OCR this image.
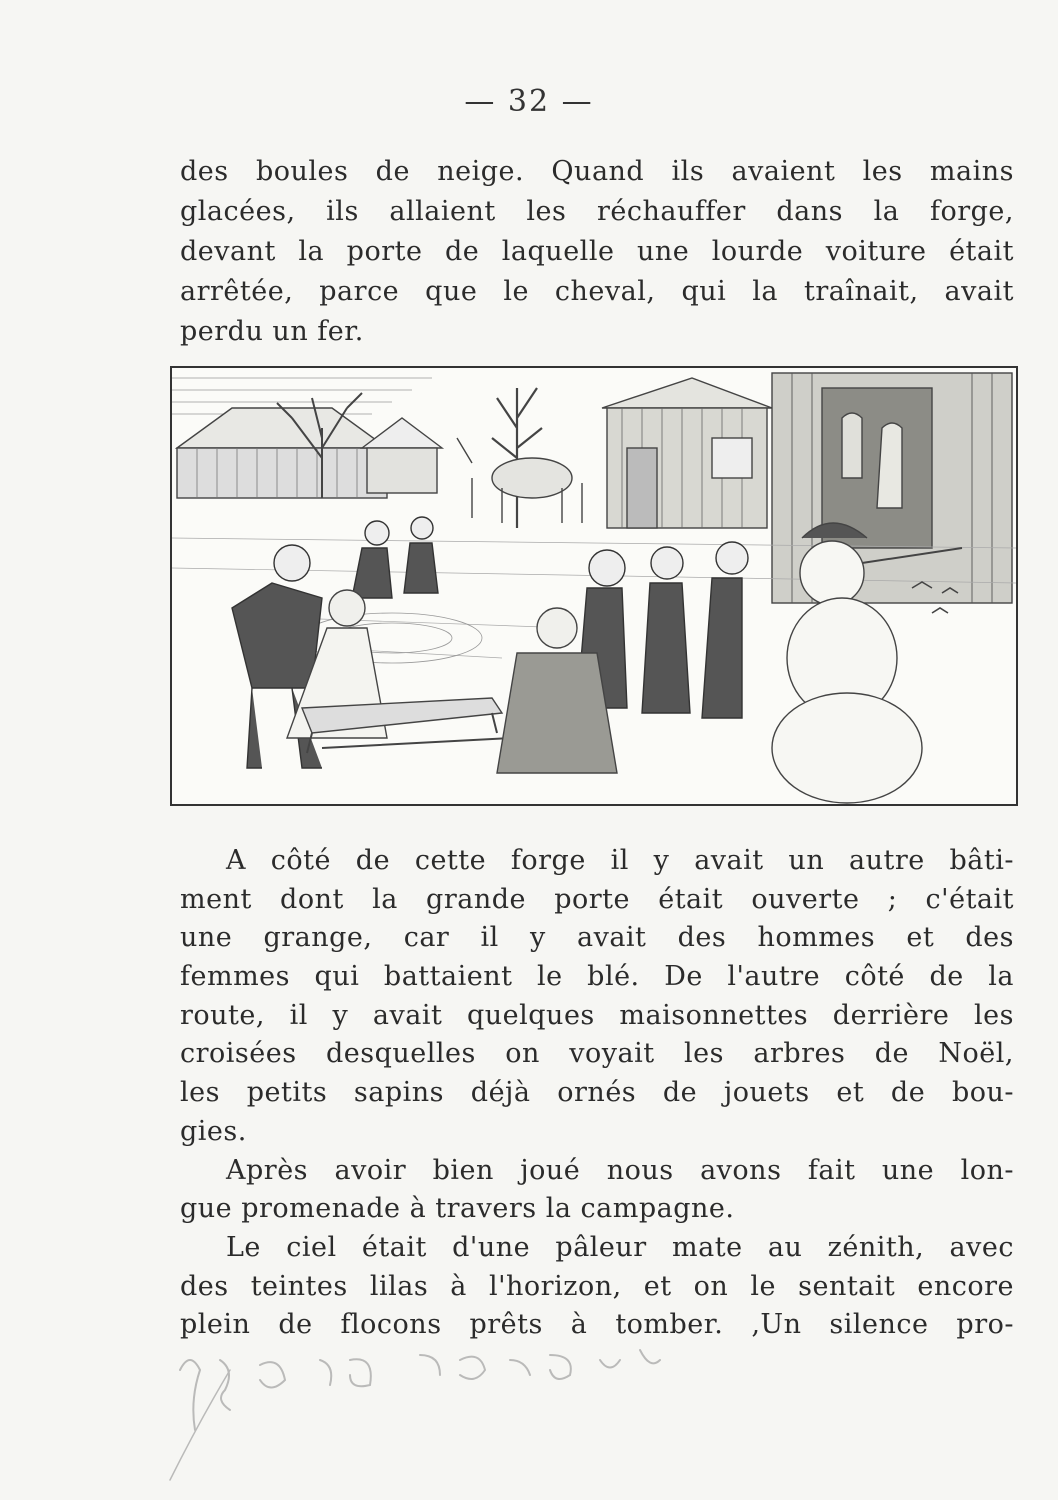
— 32 —
des boules de neige. Quand ils avaient les mains
glacées, ils allaient les réchauffer dans la forge,
devant la porte de laquelle une lourde voiture était
arrêtée, parce que le cheval, qui la traînait, avait
perdu un fer.
A côté de cette forge il y avait un autre bâti-
ment dont la grande porte était ouverte ; c'était
une grange, car il y avait des hommes et des
femmes qui battaient le blé. De l'autre côté de la
route, il y avait quelques maisonnettes derrière les
croisées desquelles on voyait les arbres de Noël,
les petits sapins déjà ornés de jouets et de bou-
gies.
Après avoir bien joué nous avons fait une lon-
gue promenade à travers la campagne.
Le ciel était d'une pâleur mate au zénith, avec
des teintes lilas à l'horizon, et on le sentait encore
plein de flocons prêts à tomber. ‚Un silence pro-
